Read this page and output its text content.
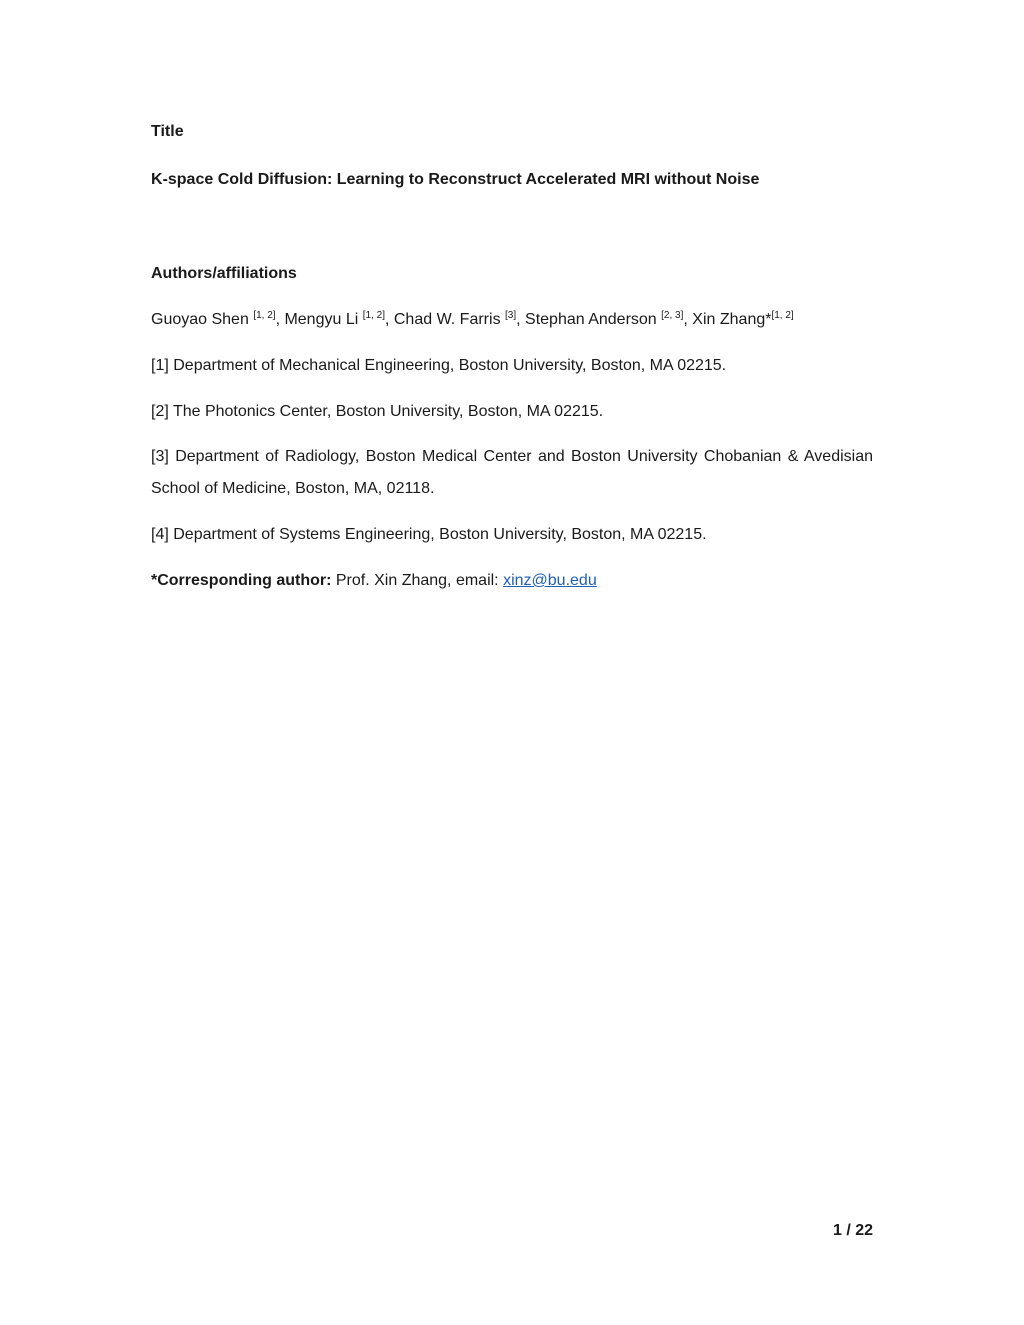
Title

K-space Cold Diffusion: Learning to Reconstruct Accelerated MRI without Noise

Authors/affiliations

Guoyao Shen [1, 2], Mengyu Li [1, 2], Chad W. Farris [3], Stephan Anderson [2, 3], Xin Zhang*[1, 2]

[1] Department of Mechanical Engineering, Boston University, Boston, MA 02215.

[2] The Photonics Center, Boston University, Boston, MA 02215.

[3] Department of Radiology, Boston Medical Center and Boston University Chobanian & Avedisian School of Medicine, Boston, MA, 02118.

[4] Department of Systems Engineering, Boston University, Boston, MA 02215.

*Corresponding author: Prof. Xin Zhang, email: xinz@bu.edu

1 / 22
